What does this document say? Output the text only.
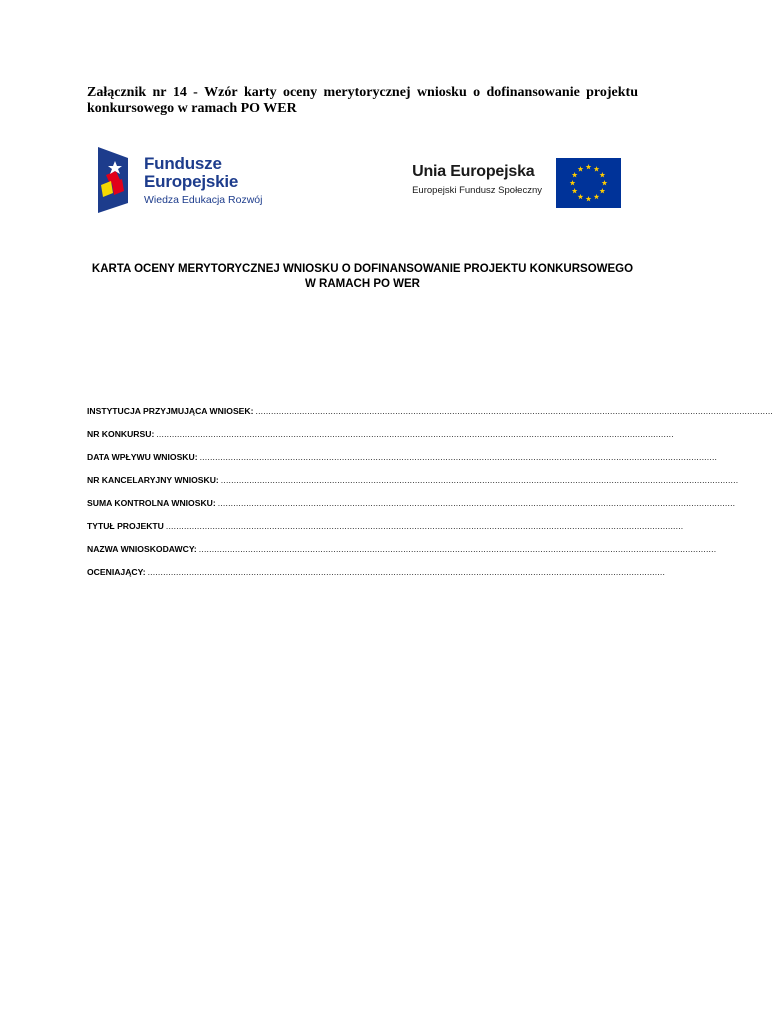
Załącznik nr 14 - Wzór karty oceny merytorycznej wniosku o dofinansowanie projektu
konkursowego w ramach PO WER
Fundusze
Europejskie
Wiedza Edukacja Rozwój
Unia Europejska
Europejski Fundusz Społeczny
KARTA OCENY MERYTORYCZNEJ WNIOSKU O DOFINANSOWANIE PROJEKTU KONKURSOWEGO
W RAMACH PO WER
INSTYTUCJA PRZYJMUJĄCA WNIOSEK: ........................................................................................................................................................................................................
NR KONKURSU: ........................................................................................................................................................................................................
DATA WPŁYWU WNIOSKU: ........................................................................................................................................................................................................
NR KANCELARYJNY WNIOSKU: ........................................................................................................................................................................................................
SUMA KONTROLNA WNIOSKU: ........................................................................................................................................................................................................
TYTUŁ PROJEKTU ........................................................................................................................................................................................................
NAZWA WNIOSKODAWCY: ........................................................................................................................................................................................................
OCENIAJĄCY: ........................................................................................................................................................................................................
